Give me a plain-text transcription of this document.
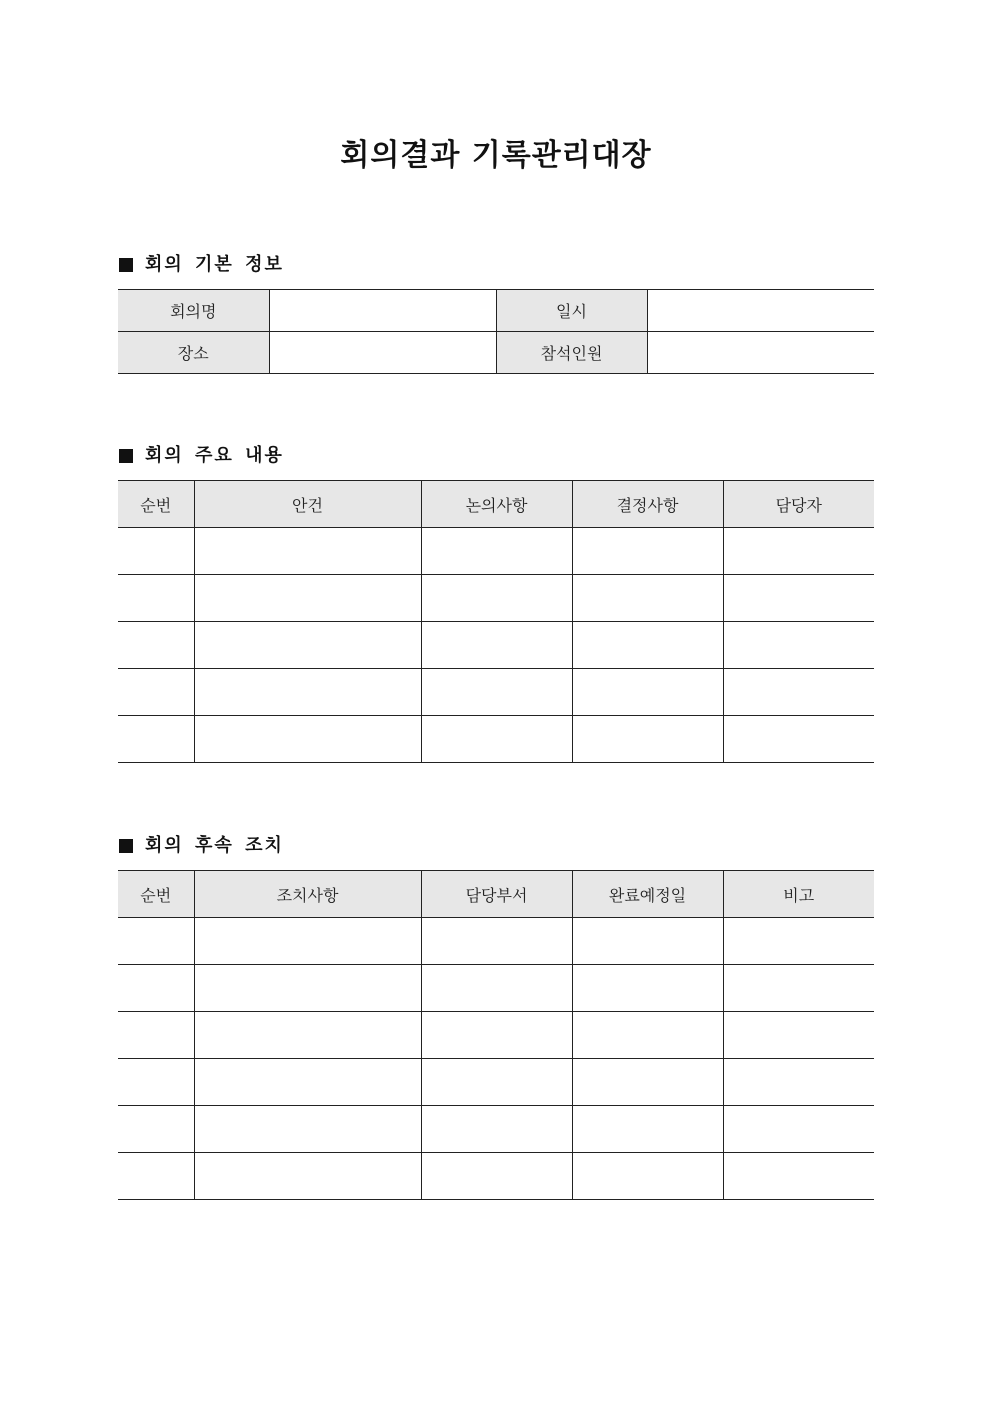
회의결과 기록관리대장
회의 기본 정보
회의명		일시	
장소		참석인원	
회의 주요 내용
순번	안건	논의사항	결정사항	담당자

회의 후속 조치
순번	조치사항	담당부서	완료예정일	비고
